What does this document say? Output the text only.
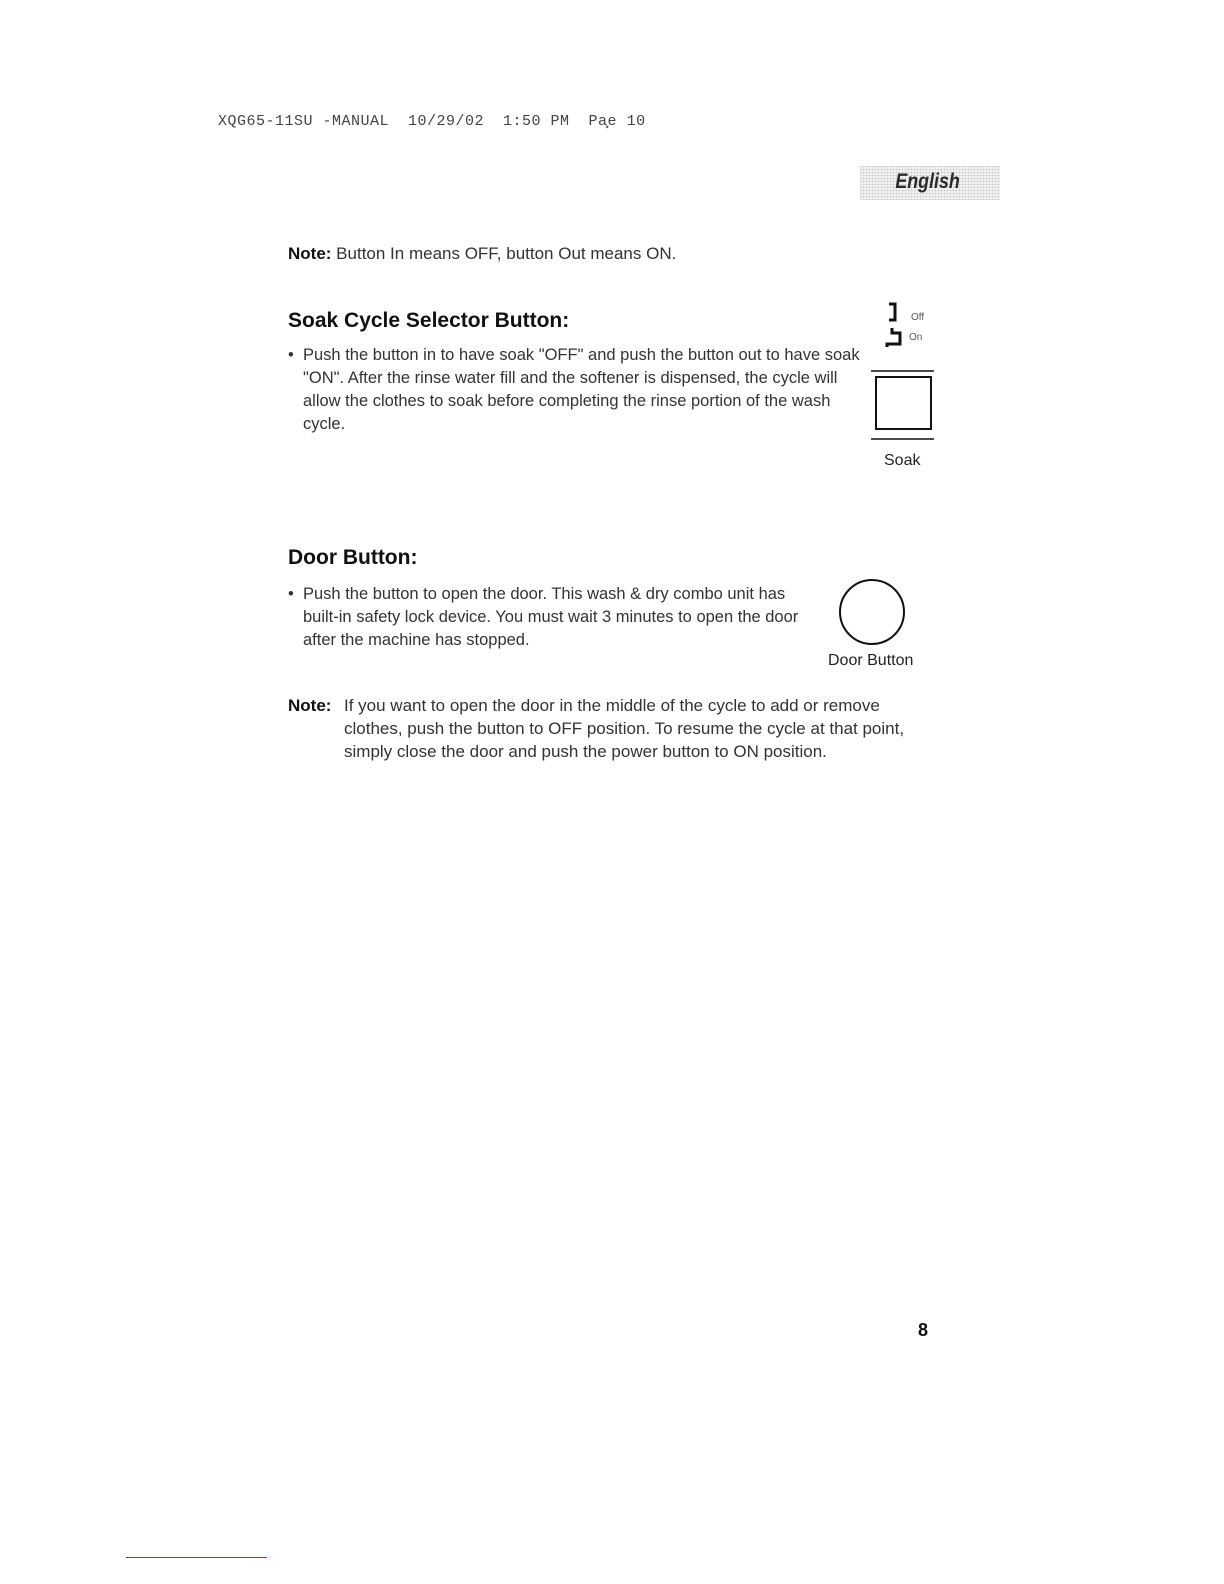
XQG65-11SU -MANUAL  10/29/02  1:50 PM  Pa̧e 10
English
Note: Button In means OFF, button Out means ON.
Soak Cycle Selector Button:
• Push the button in to have soak "OFF" and push the button out to have soak "ON". After the rinse water fill and the softener is dispensed, the cycle will allow the clothes to soak before completing the rinse portion of the wash cycle.
Off
On
Soak
Door Button:
• Push the button to open the door. This wash & dry combo unit has built-in safety lock device. You must wait 3 minutes to open the door after the machine has stopped.
Door Button
Note: If you want to open the door in the middle of the cycle to add or remove clothes, push the button to OFF position. To resume the cycle at that point, simply close the door and push the power button to ON position.
8
